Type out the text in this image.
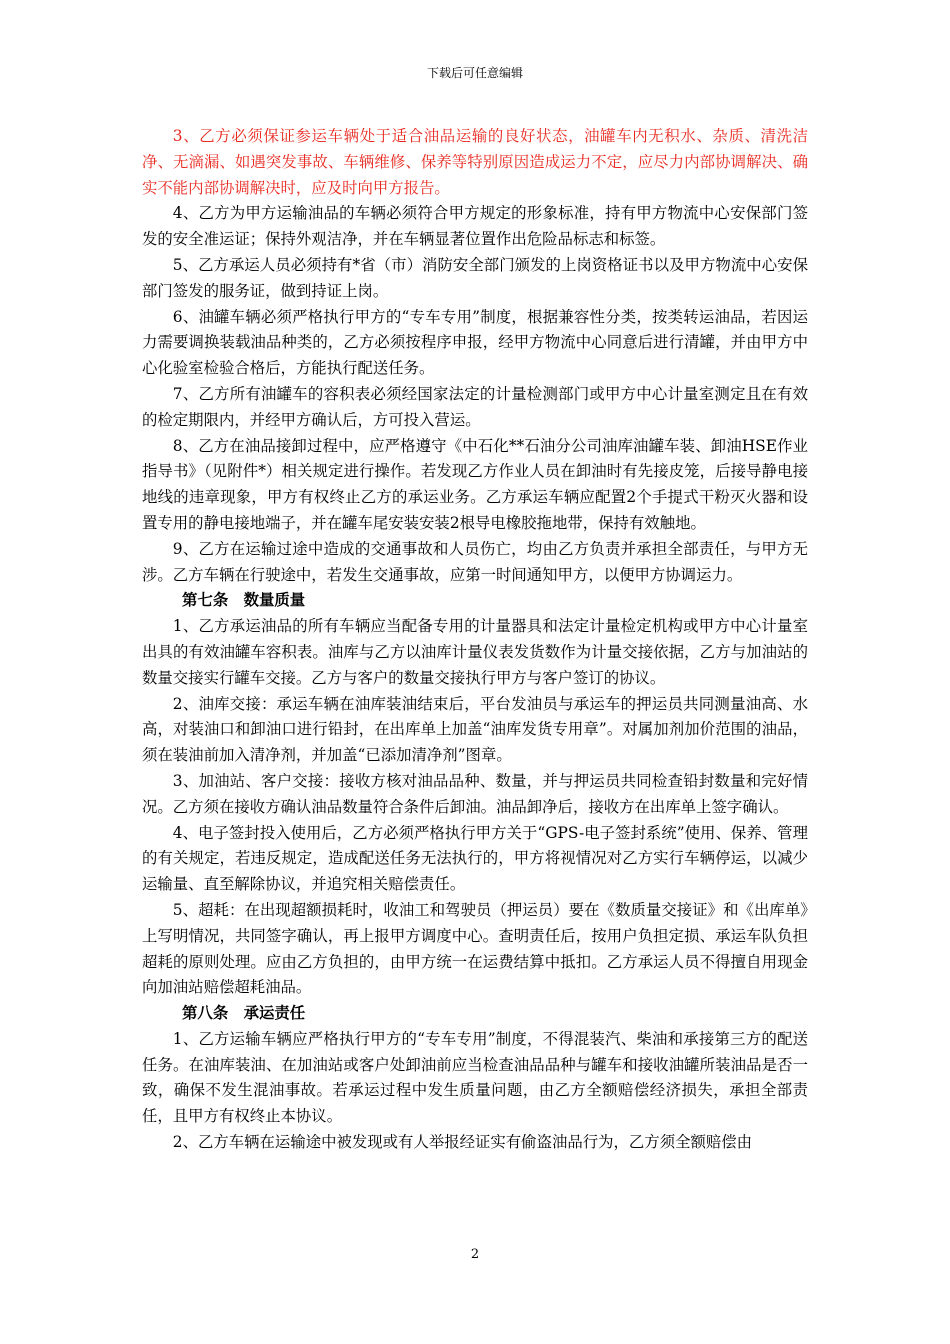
下载后可任意编辑

3、乙方必须保证参运车辆处于适合油品运输的良好状态，油罐车内无积水、杂质、清洗洁净、无滴漏、如遇突发事故、车辆维修、保养等特别原因造成运力不定，应尽力内部协调解决、确实不能内部协调解决时，应及时向甲方报告。

4、乙方为甲方运输油品的车辆必须符合甲方规定的形象标准，持有甲方物流中心安保部门签发的安全准运证；保持外观洁净，并在车辆显著位置作出危险品标志和标签。

5、乙方承运人员必须持有*省（市）消防安全部门颁发的上岗资格证书以及甲方物流中心安保部门签发的服务证，做到持证上岗。

6、油罐车辆必须严格执行甲方的“专车专用”制度，根据兼容性分类，按类转运油品，若因运力需要调换装载油品种类的，乙方必须按程序申报，经甲方物流中心同意后进行清罐，并由甲方中心化验室检验合格后，方能执行配送任务。

7、乙方所有油罐车的容积表必须经国家法定的计量检测部门或甲方中心计量室测定且在有效的检定期限内，并经甲方确认后，方可投入营运。

8、乙方在油品接卸过程中，应严格遵守《中石化**石油分公司油库油罐车装、卸油HSE作业指导书》（见附件*）相关规定进行操作。若发现乙方作业人员在卸油时有先接皮笼，后接导静电接地线的违章现象，甲方有权终止乙方的承运业务。乙方承运车辆应配置2个手提式干粉灭火器和设置专用的静电接地端子，并在罐车尾安装安装2根导电橡胶拖地带，保持有效触地。

9、乙方在运输过途中造成的交通事故和人员伤亡，均由乙方负责并承担全部责任，与甲方无涉。乙方车辆在行驶途中，若发生交通事故，应第一时间通知甲方，以便甲方协调运力。

第七条　数量质量

1、乙方承运油品的所有车辆应当配备专用的计量器具和法定计量检定机构或甲方中心计量室出具的有效油罐车容积表。油库与乙方以油库计量仪表发货数作为计量交接依据，乙方与加油站的数量交接实行罐车交接。乙方与客户的数量交接执行甲方与客户签订的协议。

2、油库交接：承运车辆在油库装油结束后，平台发油员与承运车的押运员共同测量油高、水高，对装油口和卸油口进行铅封，在出库单上加盖“油库发货专用章”。对属加剂加价范围的油品，须在装油前加入清净剂，并加盖“已添加清净剂”图章。

3、加油站、客户交接：接收方核对油品品种、数量，并与押运员共同检查铅封数量和完好情况。乙方须在接收方确认油品数量符合条件后卸油。油品卸净后，接收方在出库单上签字确认。

4、电子签封投入使用后，乙方必须严格执行甲方关于“GPS-电子签封系统”使用、保养、管理的有关规定，若违反规定，造成配送任务无法执行的，甲方将视情况对乙方实行车辆停运，以减少运输量、直至解除协议，并追究相关赔偿责任。

5、超耗：在出现超额损耗时，收油工和驾驶员（押运员）要在《数质量交接证》和《出库单》上写明情况，共同签字确认，再上报甲方调度中心。查明责任后，按用户负担定损、承运车队负担超耗的原则处理。应由乙方负担的，由甲方统一在运费结算中抵扣。乙方承运人员不得擅自用现金向加油站赔偿超耗油品。

第八条　承运责任

1、乙方运输车辆应严格执行甲方的“专车专用”制度，不得混装汽、柴油和承接第三方的配送任务。在油库装油、在加油站或客户处卸油前应当检查油品品种与罐车和接收油罐所装油品是否一致，确保不发生混油事故。若承运过程中发生质量问题，由乙方全额赔偿经济损失，承担全部责任，且甲方有权终止本协议。

2、乙方车辆在运输途中被发现或有人举报经证实有偷盗油品行为，乙方须全额赔偿由

2
